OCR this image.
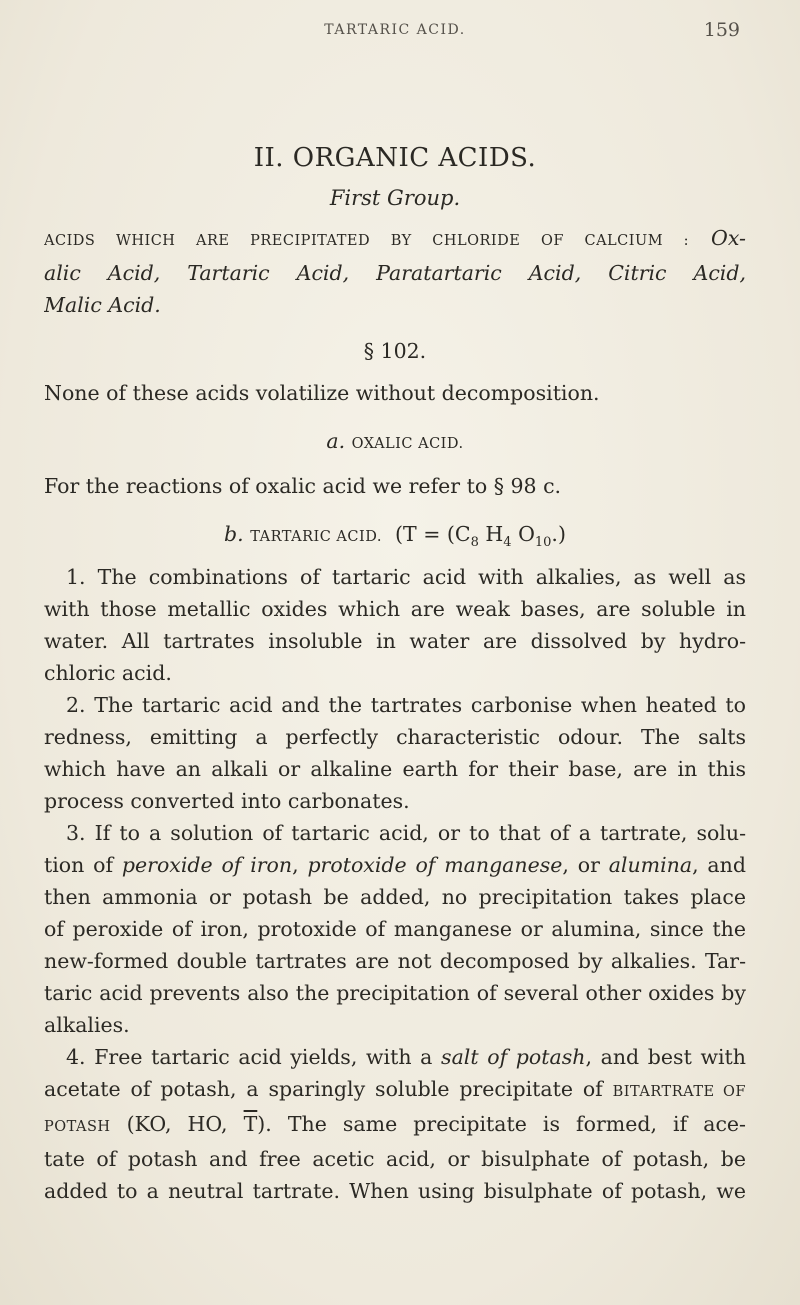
TARTARIC ACID.	159
II. ORGANIC ACIDS.
First Group.
ACIDS WHICH ARE PRECIPITATED BY CHLORIDE OF CALCIUM : Ox-
alic Acid, Tartaric Acid, Paratartaric Acid, Citric Acid,
Malic Acid.
§ 102.
None of these acids volatilize without decomposition.
a. OXALIC ACID.
For the reactions of oxalic acid we refer to § 98 c.
b. TARTARIC ACID. ($T = (C_8$ $H_4$ $O_{10}$.)
1. The combinations of tartaric acid with alkalies, as well as
with those metallic oxides which are weak bases, are soluble in
water. All tartrates insoluble in water are dissolved by hydro-
chloric acid.
2. The tartaric acid and the tartrates carbonise when heated to
redness, emitting a perfectly characteristic odour. The salts
which have an alkali or alkaline earth for their base, are in this
process converted into carbonates.
3. If to a solution of tartaric acid, or to that of a tartrate, solu-
tion of peroxide of iron, protoxide of manganese, or alumina, and
then ammonia or potash be added, no precipitation takes place
of peroxide of iron, protoxide of manganese or alumina, since the
new-formed double tartrates are not decomposed by alkalies. Tar-
taric acid prevents also the precipitation of several other oxides by
alkalies.
4. Free tartaric acid yields, with a salt of potash, and best with
acetate of potash, a sparingly soluble precipitate of BITARTRATE OF
POTASH (KO, HO, $\overline{T}$). The same precipitate is formed, if ace-
tate of potash and free acetic acid, or bisulphate of potash, be
added to a neutral tartrate. When using bisulphate of potash, we
